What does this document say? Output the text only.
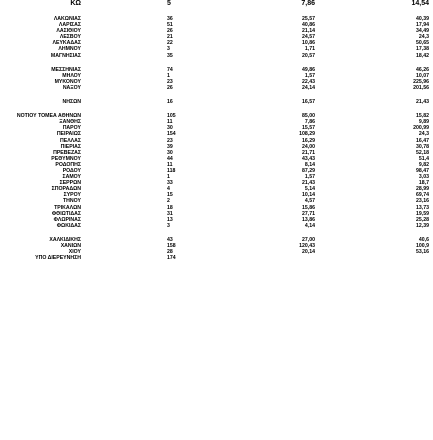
ΚΩ	5	7,86	14,54
ΛΑΚΩΝΙΑΣ	36	25,57	40,39
ΛΑΡΙΣΑΣ	51	40,86	17,94
ΛΑΣΙΘΙΟΥ	26	21,14	34,49
ΛΕΣΒΟΥ	21	24,57	24,3
ΛΕΥΚΑΔΑΣ	22	10,86	50,65
ΛΗΜΝΟΥ	3	1,71	17,38
ΜΑΓΝΗΣΙΑΣ	35	20,57	18,42
ΜΕΣΣΗΝΙΑΣ	74	49,86	46,26
ΜΗΛΟΥ	1	1,57	10,07
ΜΥΚΟΝΟΥ	23	22,43	225,96
ΝΑΞΟΥ	26	24,14	201,56
ΝΗΣΩΝ	16	16,57	21,43
ΝΟΤΙΟΥ ΤΟΜΕΑ ΑΘΗΝΩΝ	105	85,00	15,82
ΞΑΝΘΗΣ	11	7,86	9,89
ΠΑΡΟΥ	30	15,57	200,99
ΠΕΙΡΑΙΩΣ	154	108,29	24,3
ΠΕΛΛΑΣ	23	16,29	16,47
ΠΙΕΡΙΑΣ	39	24,00	30,78
ΠΡΕΒΕΖΑΣ	30	21,71	52,18
ΡΕΘΥΜΝΟΥ	44	43,43	51,4
ΡΟΔΟΠΗΣ	11	8,14	9,82
ΡΟΔΟΥ	118	87,29	98,47
ΣΑΜΟΥ	1	1,57	3,03
ΣΕΡΡΩΝ	33	21,43	18,7
ΣΠΟΡΑΔΩΝ	4	5,14	28,99
ΣΥΡΟΥ	15	10,14	69,74
ΤΗΝΟΥ	2	4,57	23,16
ΤΡΙΚΑΛΩΝ	18	15,86	13,73
ΦΘΙΩΤΙΔΑΣ	31	27,71	19,59
ΦΛΩΡΙΝΑΣ	13	13,86	25,28
ΦΩΚΙΔΑΣ	3	4,14	12,39
ΧΑΛΚΙΔΙΚΗΣ	43	27,00	40,6
ΧΑΝΙΩΝ	158	120,43	100,9
ΧΙΟΥ	28	20,14	53,16
ΥΠΟ ΔΙΕΡΕΥΝΗΣΗ	174
